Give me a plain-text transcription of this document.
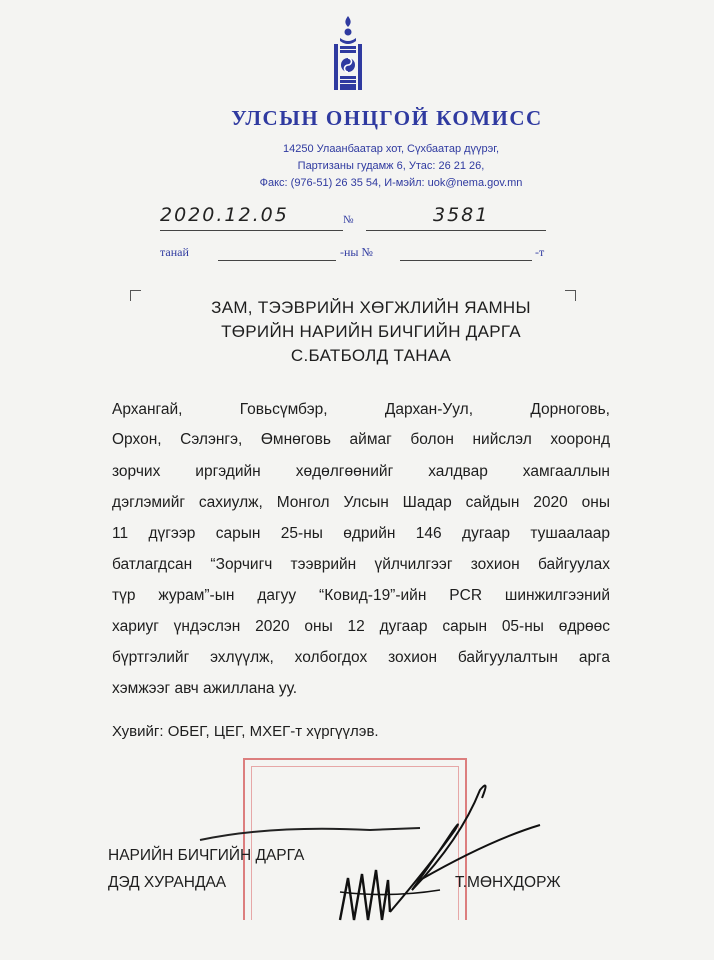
УЛСЫН ОНЦГОЙ КОМИСС
14250 Улаанбаатар хот, Сүхбаатар дүүрэг,
Партизаны гудамж 6, Утас: 26 21 26,
Факс: (976-51) 26 35 54, И-мэйл: uok@nema.gov.mn
2020.12.05	№	3581
танай	-ны №	-т
ЗАМ, ТЭЭВРИЙН ХӨГЖЛИЙН ЯАМНЫ
ТӨРИЙН НАРИЙН БИЧГИЙН ДАРГА
С.БАТБОЛД ТАНАА
Архангай, Говьсүмбэр, Дархан-Уул, Дорноговь,
Орхон, Сэлэнгэ, Өмнөговь аймаг болон нийслэл хооронд
зорчих иргэдийн хөдөлгөөнийг халдвар хамгааллын
дэглэмийг сахиулж, Монгол Улсын Шадар сайдын 2020 оны
11 дүгээр сарын 25-ны өдрийн 146 дугаар тушаалаар
батлагдсан “Зорчигч тээврийн үйлчилгээг зохион байгуулах
түр журам”-ын дагуу “Ковид-19”-ийн PCR шинжилгээний
хариуг үндэслэн 2020 оны 12 дугаар сарын 05-ны өдрөөс
бүртгэлийг эхлүүлж, холбогдох зохион байгуулалтын арга
хэмжээг авч ажиллана уу.
Хувийг: ОБЕГ, ЦЕГ, МХЕГ-т хүргүүлэв.
НАРИЙН БИЧГИЙН ДАРГА
ДЭД ХУРАНДАА	Т.МӨНХДОРЖ
